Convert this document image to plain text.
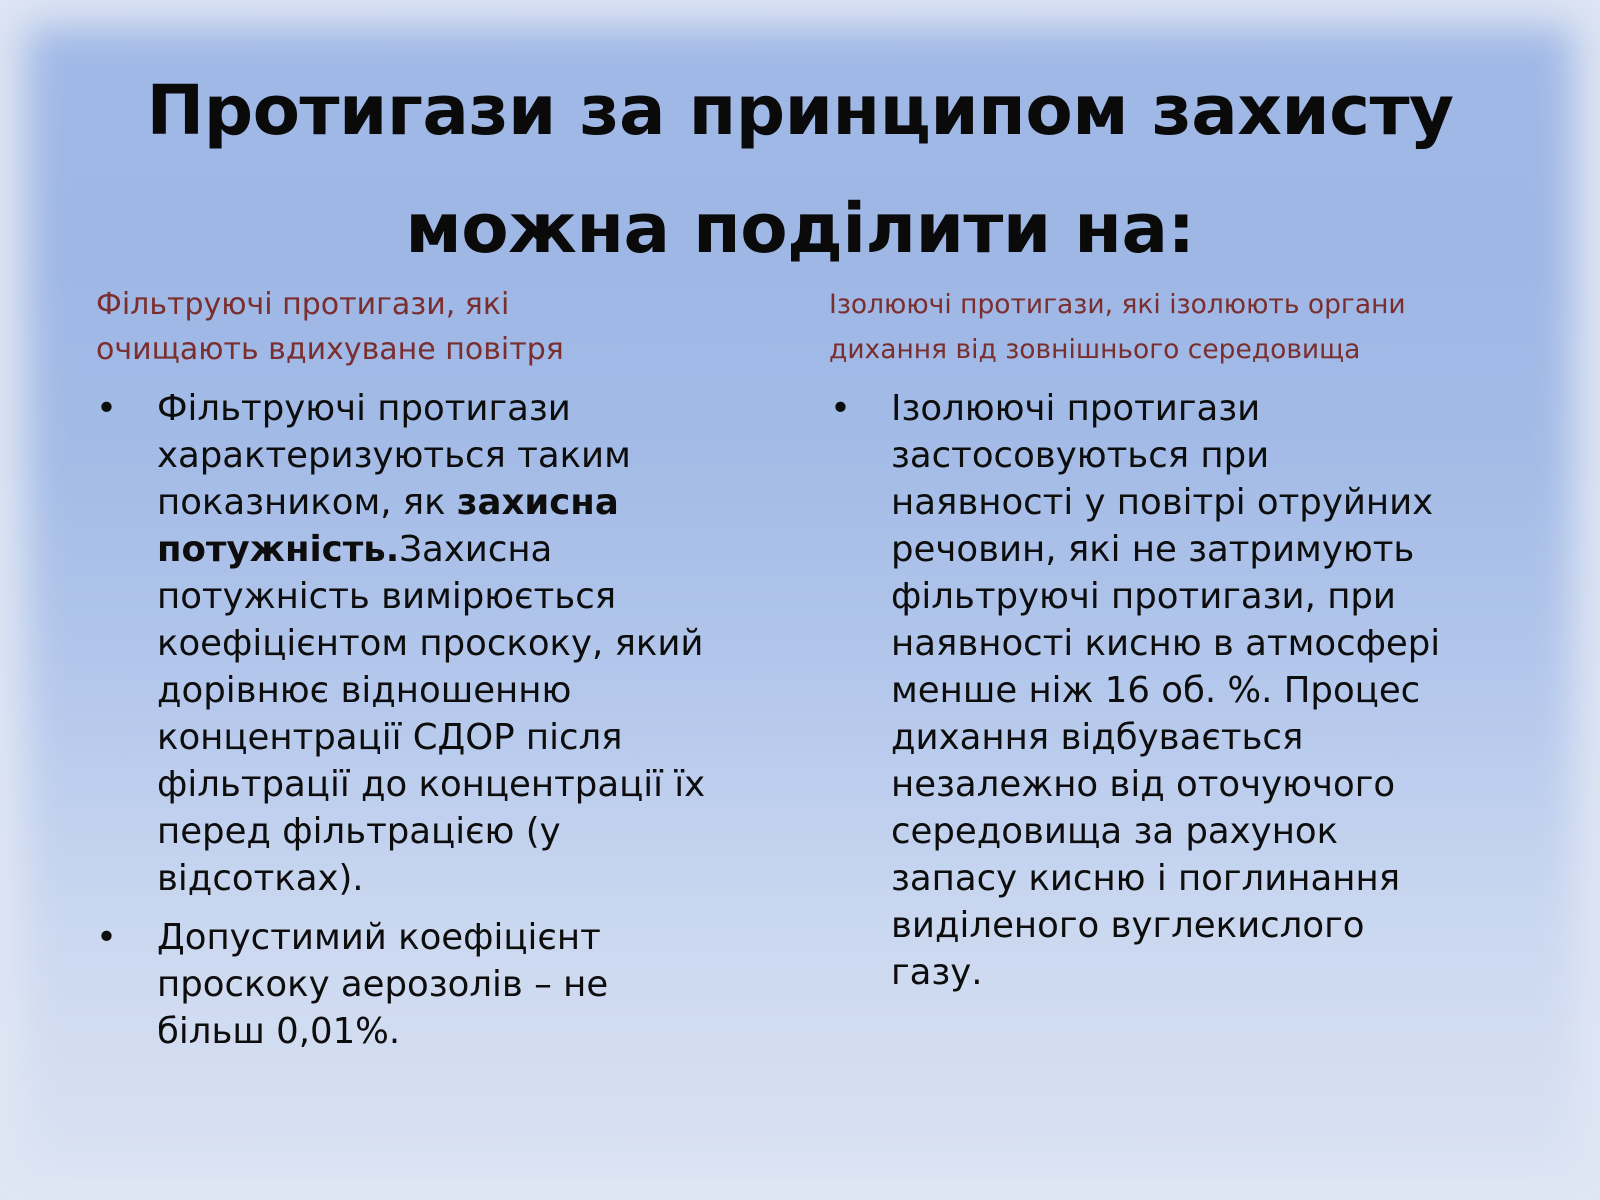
Протигази за принципом захисту
можна поділити на:
Фільтруючі протигази, які
очищають вдихуване повітря
Ізолюючі протигази, які ізолюють органи
дихання від зовнішнього середовища
• Фільтруючі протигази
характеризуються таким
показником, як захисна
потужність.Захисна
потужність вимірюється
коефіцієнтом проскоку, який
дорівнює відношенню
концентрації СДОР після
фільтрації до концентрації їх
перед фільтрацією (у
відсотках).
• Допустимий коефіцієнт
проскоку аерозолів – не
більш 0,01%.
• Ізолюючі протигази
застосовуються при
наявності у повітрі отруйних
речовин, які не затримують
фільтруючі протигази, при
наявності кисню в атмосфері
менше ніж 16 об. %. Процес
дихання відбувається
незалежно від оточуючого
середовища за рахунок
запасу кисню і поглинання
виділеного вуглекислого
газу.
